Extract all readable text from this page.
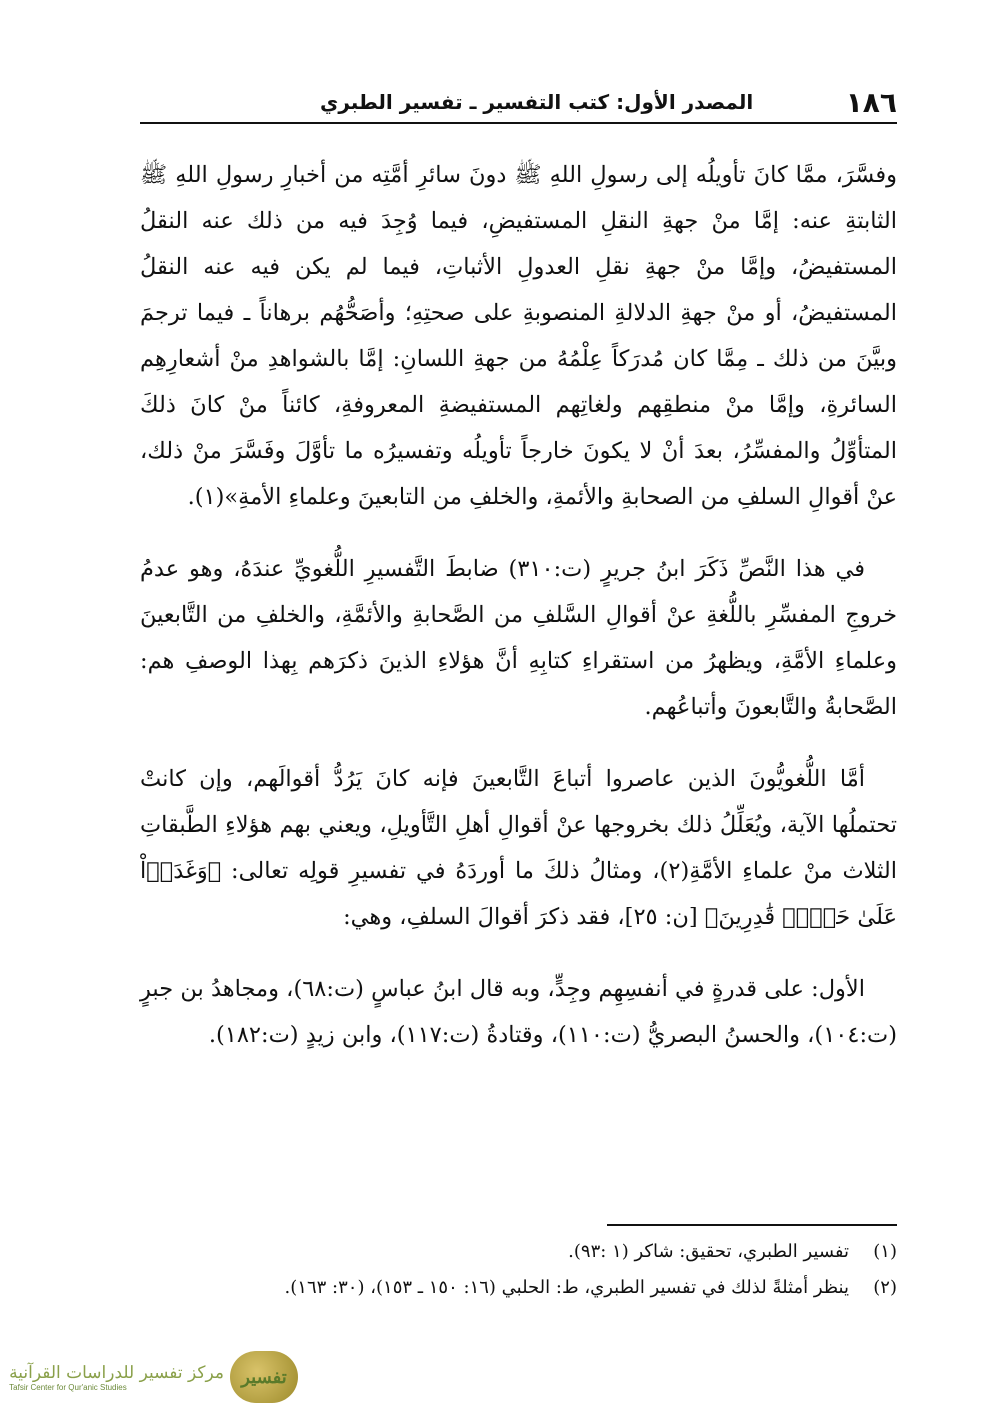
١٨٦
المصدر الأول: كتب التفسير ـ تفسير الطبري

وفسَّرَ، ممَّا كانَ تأويلُه إلى رسولِ اللهِ ﷺ دونَ سائرِ أمَّتِه من أخبارِ رسولِ اللهِ ﷺ الثابتةِ عنه: إمَّا منْ جهةِ النقلِ المستفيضِ، فيما وُجِدَ فيه من ذلك عنه النقلُ المستفيضُ، وإمَّا منْ جهةِ نقلِ العدولِ الأثباتِ، فيما لم يكن فيه عنه النقلُ المستفيضُ، أو منْ جهةِ الدلالةِ المنصوبةِ على صحتِهِ؛ وأصَحُّهُم برهاناً ـ فيما ترجمَ وبيَّنَ من ذلك ـ مِمَّا كان مُدرَكاً عِلْمُهُ من جهةِ اللسانِ: إمَّا بالشواهدِ منْ أشعارِهِم السائرةِ، وإمَّا منْ منطقِهم ولغاتِهم المستفيضةِ المعروفةِ، كائناً منْ كانَ ذلكَ المتأوِّلُ والمفسِّرُ، بعدَ أنْ لا يكونَ خارجاً تأويلُه وتفسيرُه ما تأوَّلَ وفَسَّرَ منْ ذلك، عنْ أقوالِ السلفِ من الصحابةِ والأئمةِ، والخلفِ من التابعينَ وعلماءِ الأمةِ»(١).

في هذا النَّصِّ ذَكَرَ ابنُ جريرٍ (ت:٣١٠) ضابطَ التَّفسيرِ اللُّغويِّ عندَهُ، وهو عدمُ خروجِ المفسِّرِ باللُّغةِ عنْ أقوالِ السَّلفِ من الصَّحابةِ والأئمَّةِ، والخلفِ من التَّابعينَ وعلماءِ الأمَّةِ، ويظهرُ من استقراءِ كتابِهِ أنَّ هؤلاءِ الذينَ ذكرَهم بِهذا الوصفِ هم: الصَّحابةُ والتَّابعونَ وأتباعُهم.

أمَّا اللُّغويُّونَ الذين عاصروا أتباعَ التَّابعينَ فإنه كانَ يَرُدُّ أقوالَهم، وإن كانتْ تحتملُها الآية، ويُعَلِّلُ ذلك بخروجها عنْ أقوالِ أهلِ التَّأويلِ، ويعني بهم هؤلاءِ الطَّبقاتِ الثلاث منْ علماءِ الأمَّةِ(٢)، ومثالُ ذلكَ ما أوردَهُ في تفسيرِ قولِه تعالى: ﴿وَغَدَوۡاْ عَلَىٰ حَرۡدٖ قَٰدِرِينَ﴾ [ن: ٢٥]، فقد ذكرَ أقوالَ السلفِ، وهي:

الأول: على قدرةٍ في أنفسِهِم وجِدٍّ، وبه قال ابنُ عباسٍ (ت:٦٨)، ومجاهدُ بن جبرٍ (ت:١٠٤)، والحسنُ البصريُّ (ت:١١٠)، وقتادةُ (ت:١١٧)، وابن زيدٍ (ت:١٨٢).

(١)
تفسير الطبري، تحقيق: شاكر (١ :٩٣).
(٢)
ينظر أمثلةً لذلك في تفسير الطبري، ط: الحلبي (١٦: ١٥٠ ـ ١٥٣)، (٣٠: ١٦٣).
تفسير
مركز تفسير للدراسات القرآنية
Tafsir Center for Qur'anic Studies
